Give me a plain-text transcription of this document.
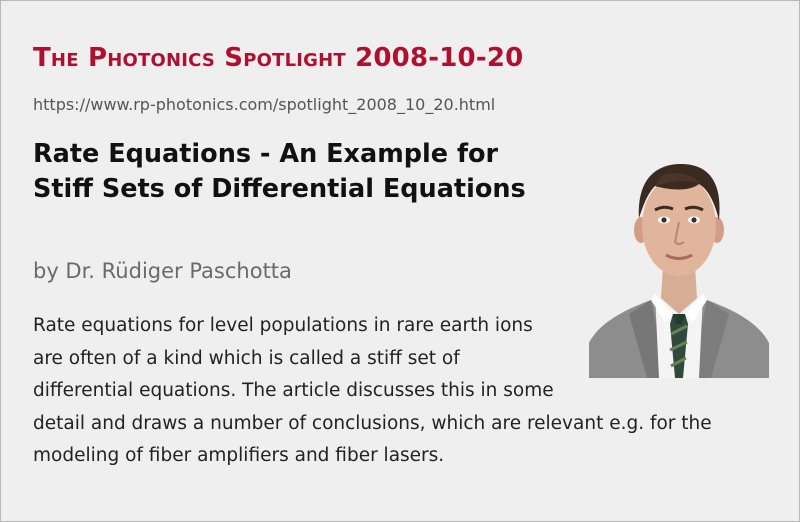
The Photonics Spotlight 2008-10-20
https://www.rp-photonics.com/spotlight_2008_10_20.html
Rate Equations - An Example for Stiff Sets of Differential Equations
by Dr. Rüdiger Paschotta

Rate equations for level populations in rare earth ions are often of a kind which is called a stiff set of differential equations. The article discusses this in some detail and draws a number of conclusions, which are relevant e.g. for the modeling of fiber amplifiers and fiber lasers.
